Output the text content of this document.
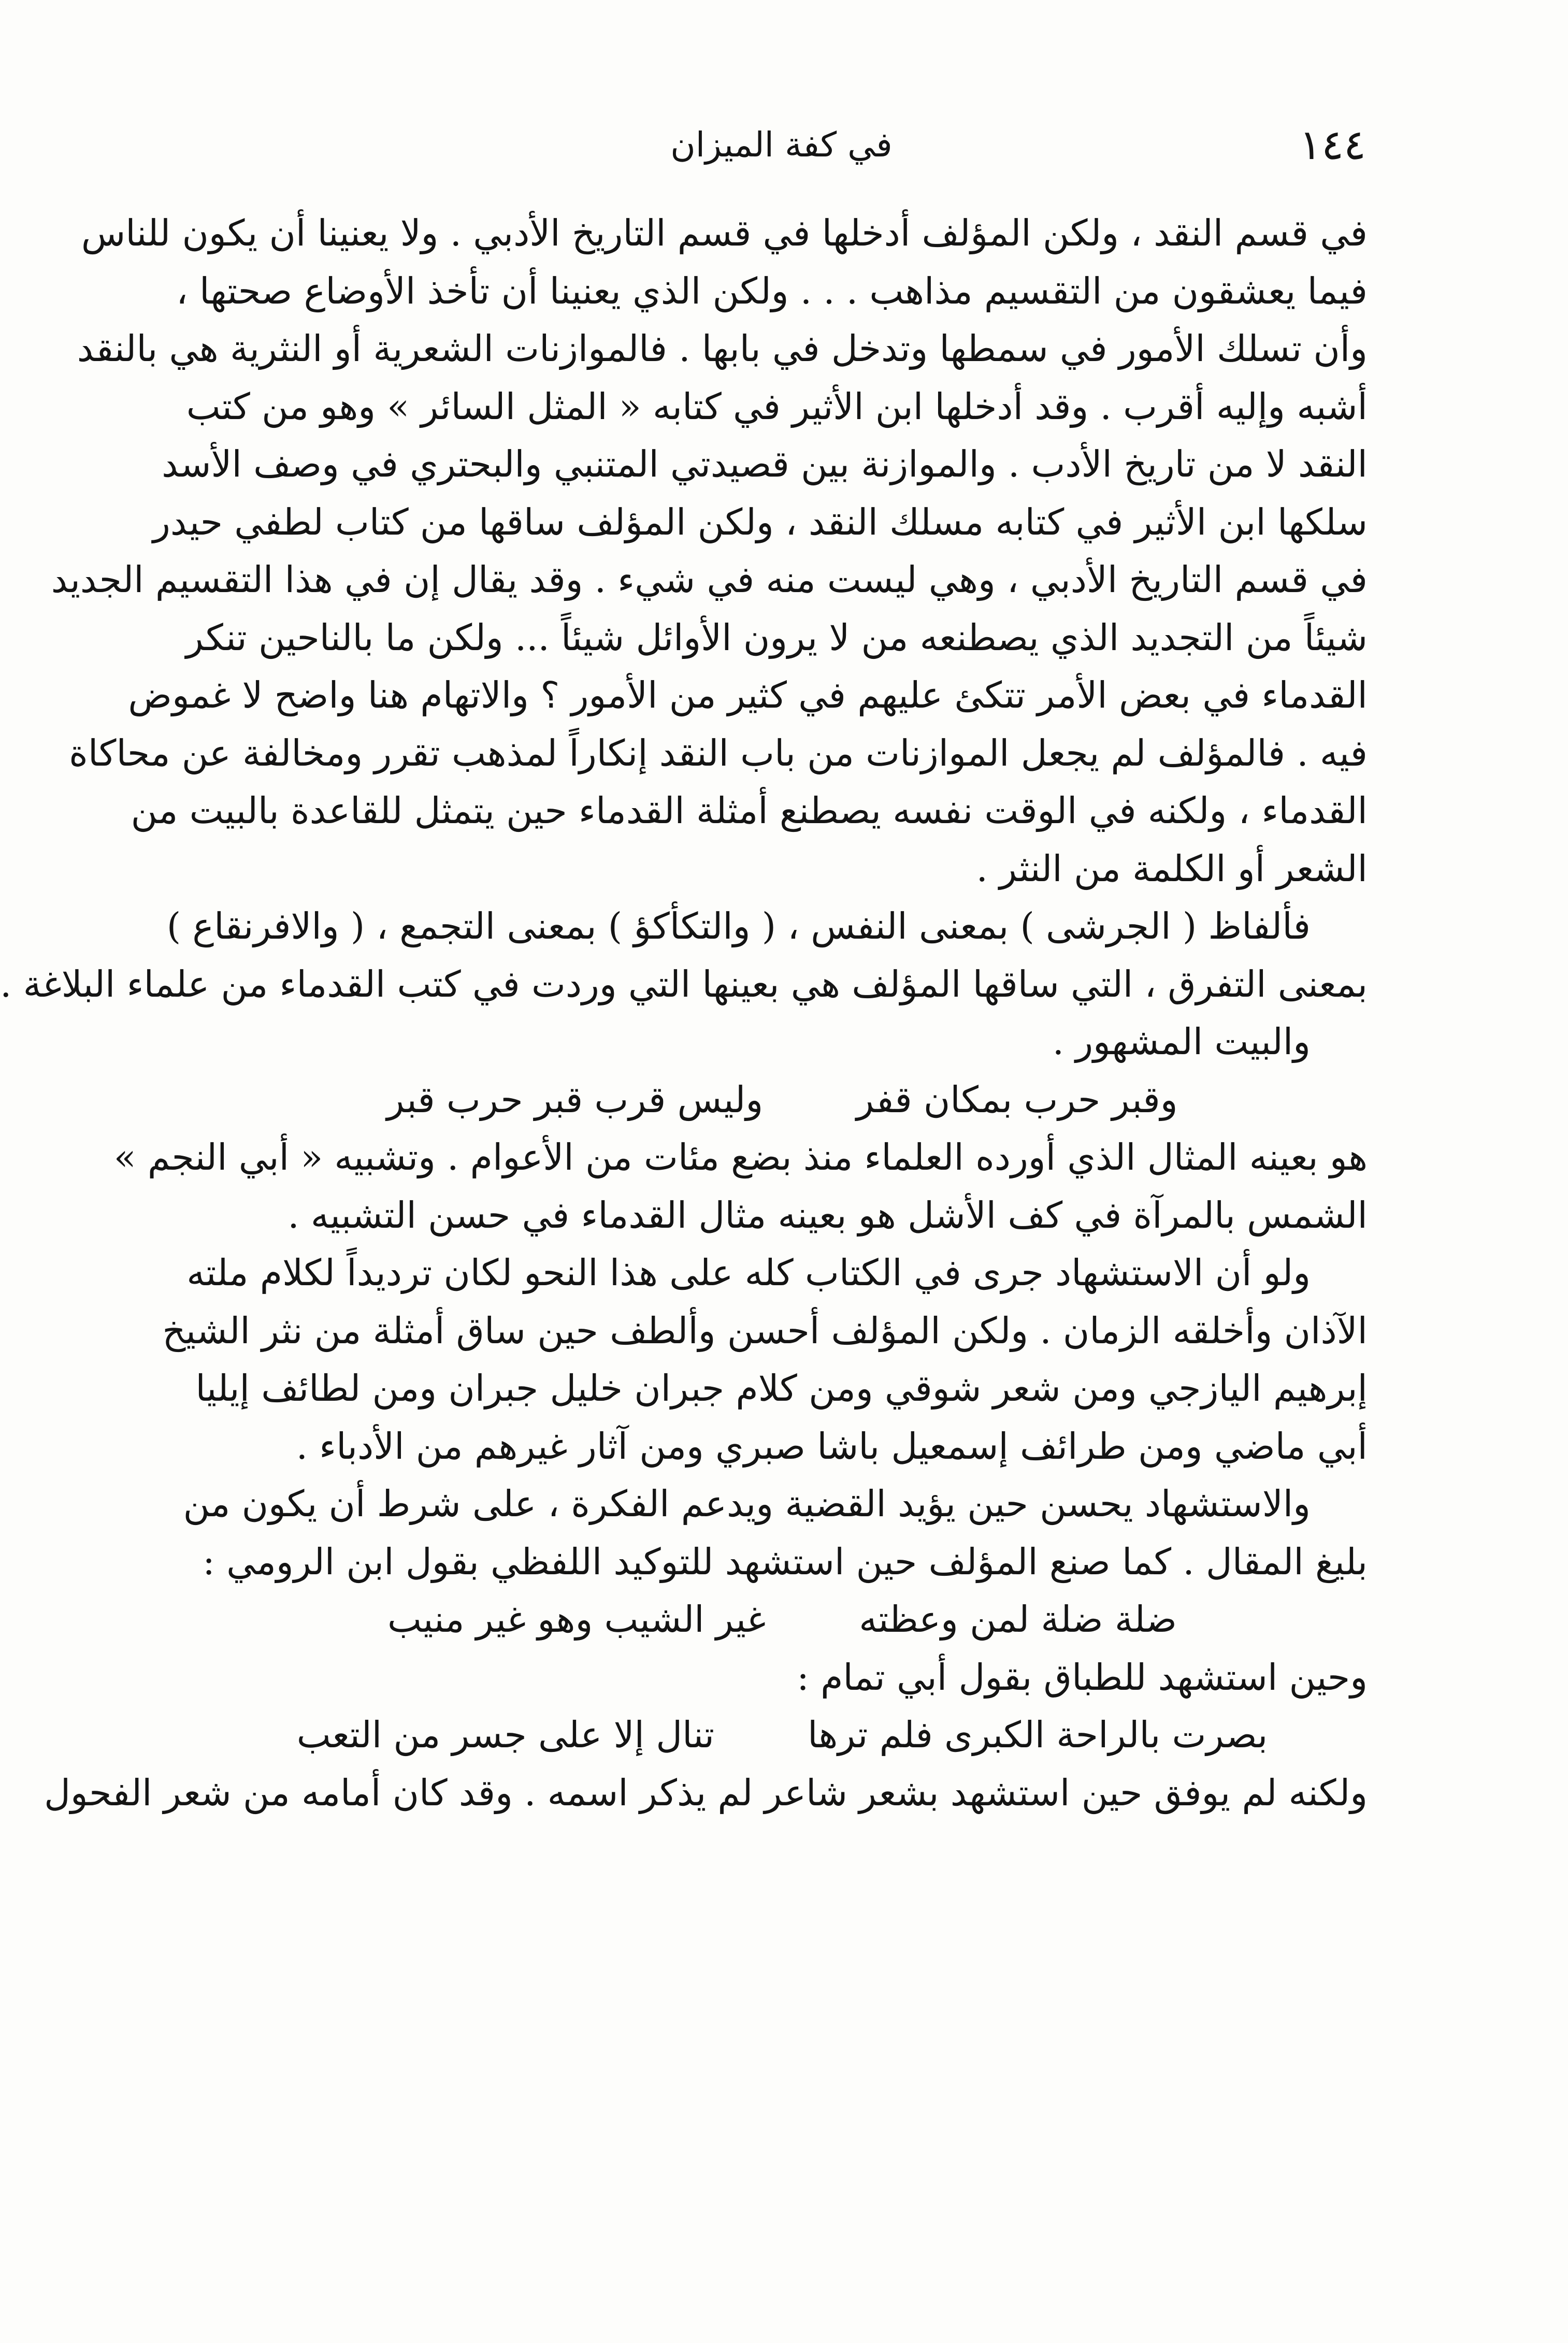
١٤٤
في كفة الميزان
في قسم النقد ، ولكن المؤلف أدخلها في قسم التاريخ الأدبي . ولا يعنينا أن يكون للناس
فيما يعشقون من التقسيم مذاهب . . . ولكن الذي يعنينا أن تأخذ الأوضاع صحتها ،
وأن تسلك الأمور في سمطها وتدخل في بابها . فالموازنات الشعرية أو النثرية هي بالنقد
أشبه وإليه أقرب . وقد أدخلها ابن الأثير في كتابه « المثل السائر » وهو من كتب
النقد لا من تاريخ الأدب . والموازنة بين قصيدتي المتنبي والبحتري في وصف الأسد
سلكها ابن الأثير في كتابه مسلك النقد ، ولكن المؤلف ساقها من كتاب لطفي حيدر
في قسم التاريخ الأدبي ، وهي ليست منه في شيء . وقد يقال إن في هذا التقسيم الجديد
شيئاً من التجديد الذي يصطنعه من لا يرون الأوائل شيئاً ... ولكن ما بالناحين تنكر
القدماء في بعض الأمر تتكئ عليهم في كثير من الأمور ؟ والاتهام هنا واضح لا غموض
فيه . فالمؤلف لم يجعل الموازنات من باب النقد إنكاراً لمذهب تقرر ومخالفة عن محاكاة
القدماء ، ولكنه في الوقت نفسه يصطنع أمثلة القدماء حين يتمثل للقاعدة بالبيت من
الشعر أو الكلمة من النثر .
فألفاظ ( الجرشى ) بمعنى النفس ، ( والتكأكؤ ) بمعنى التجمع ، ( والافرنقاع )
بمعنى التفرق ، التي ساقها المؤلف هي بعينها التي وردت في كتب القدماء من علماء البلاغة .
والبيت المشهور .
وقبر حرب بمكان قفر
وليس قرب قبر حرب قبر
هو بعينه المثال الذي أورده العلماء منذ بضع مئات من الأعوام . وتشبيه « أبي النجم »
الشمس بالمرآة في كف الأشل هو بعينه مثال القدماء في حسن التشبيه .
ولو أن الاستشهاد جرى في الكتاب كله على هذا النحو لكان ترديداً لكلام ملته
الآذان وأخلقه الزمان . ولكن المؤلف أحسن وألطف حين ساق أمثلة من نثر الشيخ
إبرهيم اليازجي ومن شعر شوقي ومن كلام جبران خليل جبران ومن لطائف إيليا
أبي ماضي ومن طرائف إسمعيل باشا صبري ومن آثار غيرهم من الأدباء .
والاستشهاد يحسن حين يؤيد القضية ويدعم الفكرة ، على شرط أن يكون من
بليغ المقال . كما صنع المؤلف حين استشهد للتوكيد اللفظي بقول ابن الرومي :
ضلة ضلة لمن وعظته
غير الشيب وهو غير منيب
وحين استشهد للطباق بقول أبي تمام :
بصرت بالراحة الكبرى فلم ترها
تنال إلا على جسر من التعب
ولكنه لم يوفق حين استشهد بشعر شاعر لم يذكر اسمه . وقد كان أمامه من شعر الفحول
